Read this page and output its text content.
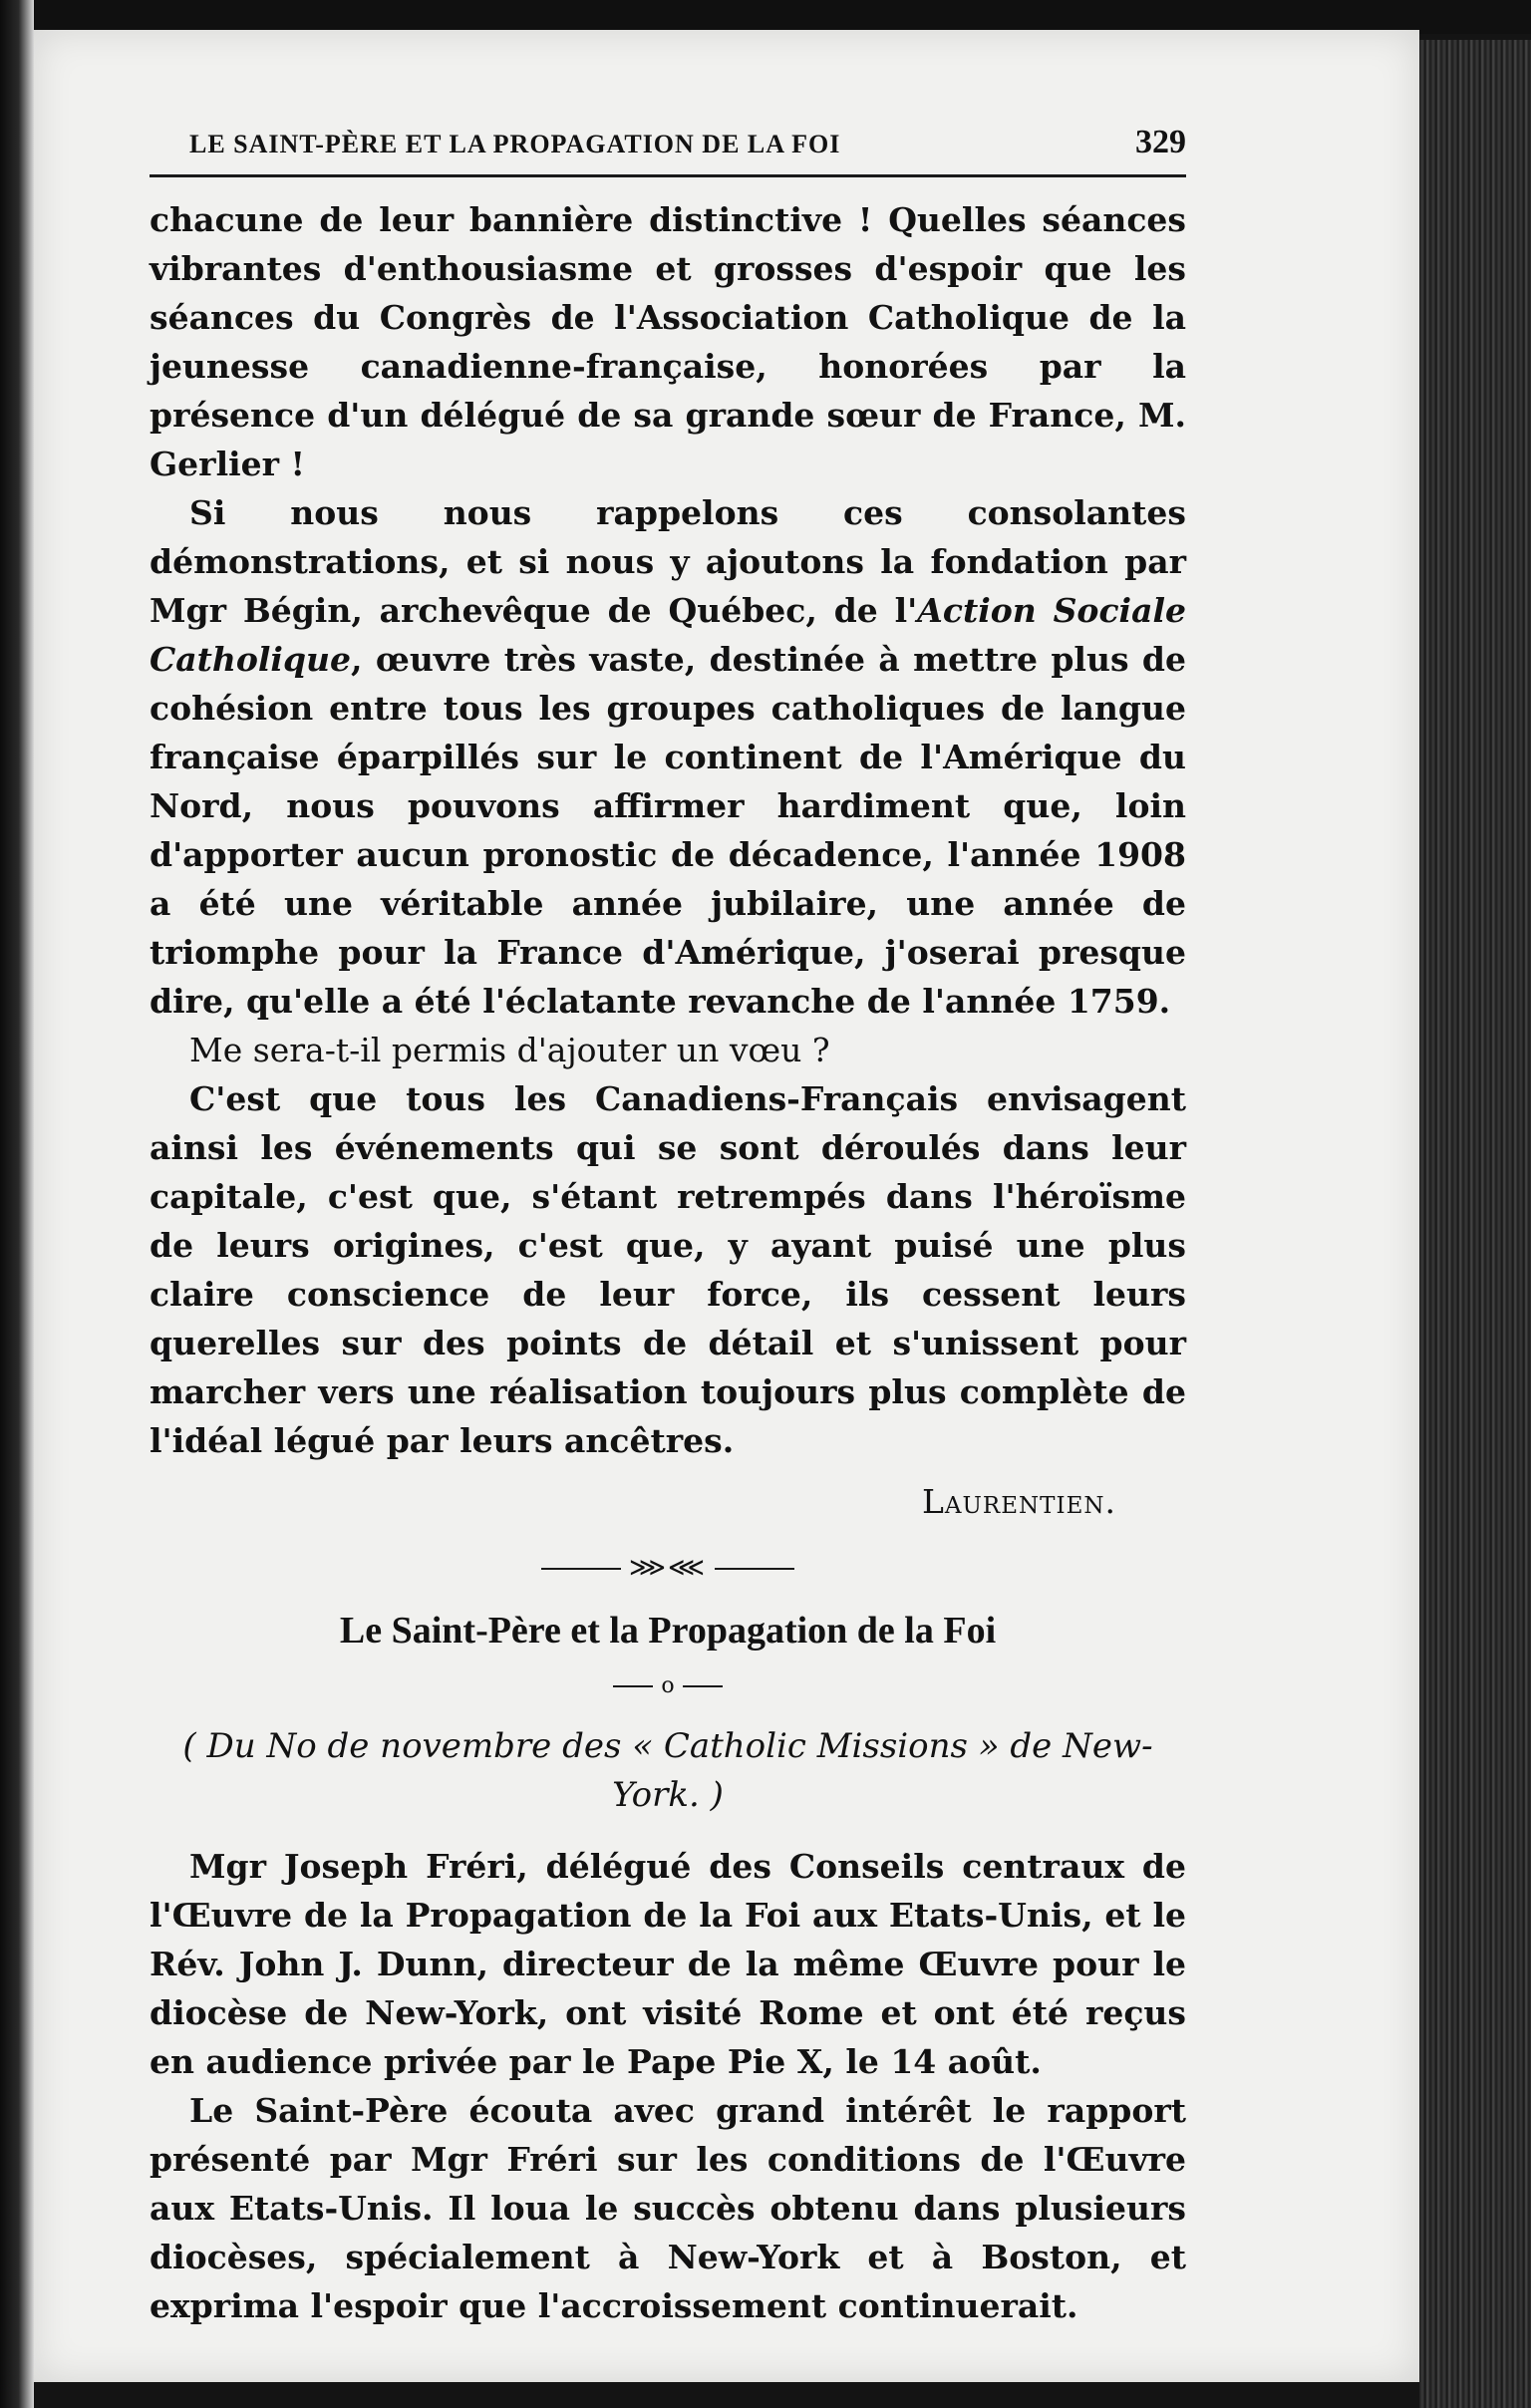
LE SAINT-PÈRE ET LA PROPAGATION DE LA FOI	329

chacune de leur bannière distinctive ! Quelles séances vibrantes d'enthousiasme et grosses d'espoir que les séances du Congrès de l'Association Catholique de la jeunesse canadienne-française, honorées par la présence d'un délégué de sa grande sœur de France, M. Gerlier !

Si nous nous rappelons ces consolantes démonstrations, et si nous y ajoutons la fondation par Mgr Bégin, archevêque de Québec, de l'Action Sociale Catholique, œuvre très vaste, destinée à mettre plus de cohésion entre tous les groupes catholiques de langue française éparpillés sur le continent de l'Amérique du Nord, nous pouvons affirmer hardiment que, loin d'apporter aucun pronostic de décadence, l'année 1908 a été une véritable année jubilaire, une année de triomphe pour la France d'Amérique, j'oserai presque dire, qu'elle a été l'éclatante revanche de l'année 1759.

Me sera-t-il permis d'ajouter un vœu ?

C'est que tous les Canadiens-Français envisagent ainsi les événements qui se sont déroulés dans leur capitale, c'est que, s'étant retrempés dans l'héroïsme de leurs origines, c'est que, y ayant puisé une plus claire conscience de leur force, ils cessent leurs querelles sur des points de détail et s'unissent pour marcher vers une réalisation toujours plus complète de l'idéal légué par leurs ancêtres.

Laurentien.

⋙⋘
Le Saint-Père et la Propagation de la Foi
o

( Du No de novembre des « Catholic Missions » de New-York. )

Mgr Joseph Fréri, délégué des Conseils centraux de l'Œuvre de la Propagation de la Foi aux Etats-Unis, et le Rév. John J. Dunn, directeur de la même Œuvre pour le diocèse de New-York, ont visité Rome et ont été reçus en audience privée par le Pape Pie X, le 14 août.

Le Saint-Père écouta avec grand intérêt le rapport présenté par Mgr Fréri sur les conditions de l'Œuvre aux Etats-Unis. Il loua le succès obtenu dans plusieurs diocèses, spécialement à New-York et à Boston, et exprima l'espoir que l'accroissement continuerait.
